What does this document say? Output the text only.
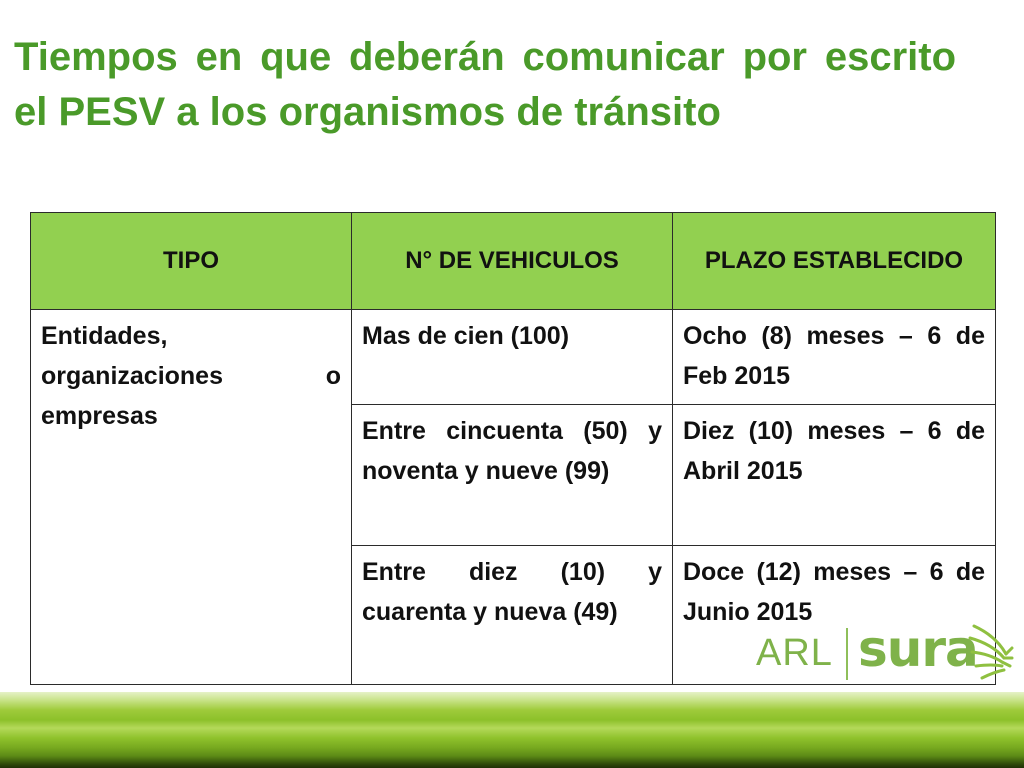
Tiempos en que deberán comunicar por escrito el PESV a los organismos de tránsito
TIPO	N° DE VEHICULOS	PLAZO ESTABLECIDO
Entidades, organizaciones o empresas	Mas de cien (100)	Ocho (8) meses – 6 de Feb 2015
	Entre cincuenta (50) y noventa y nueve (99)	Diez (10) meses – 6 de Abril 2015
	Entre diez (10) y cuarenta y nueva (49)	Doce (12) meses – 6 de Junio 2015
ARL sura
